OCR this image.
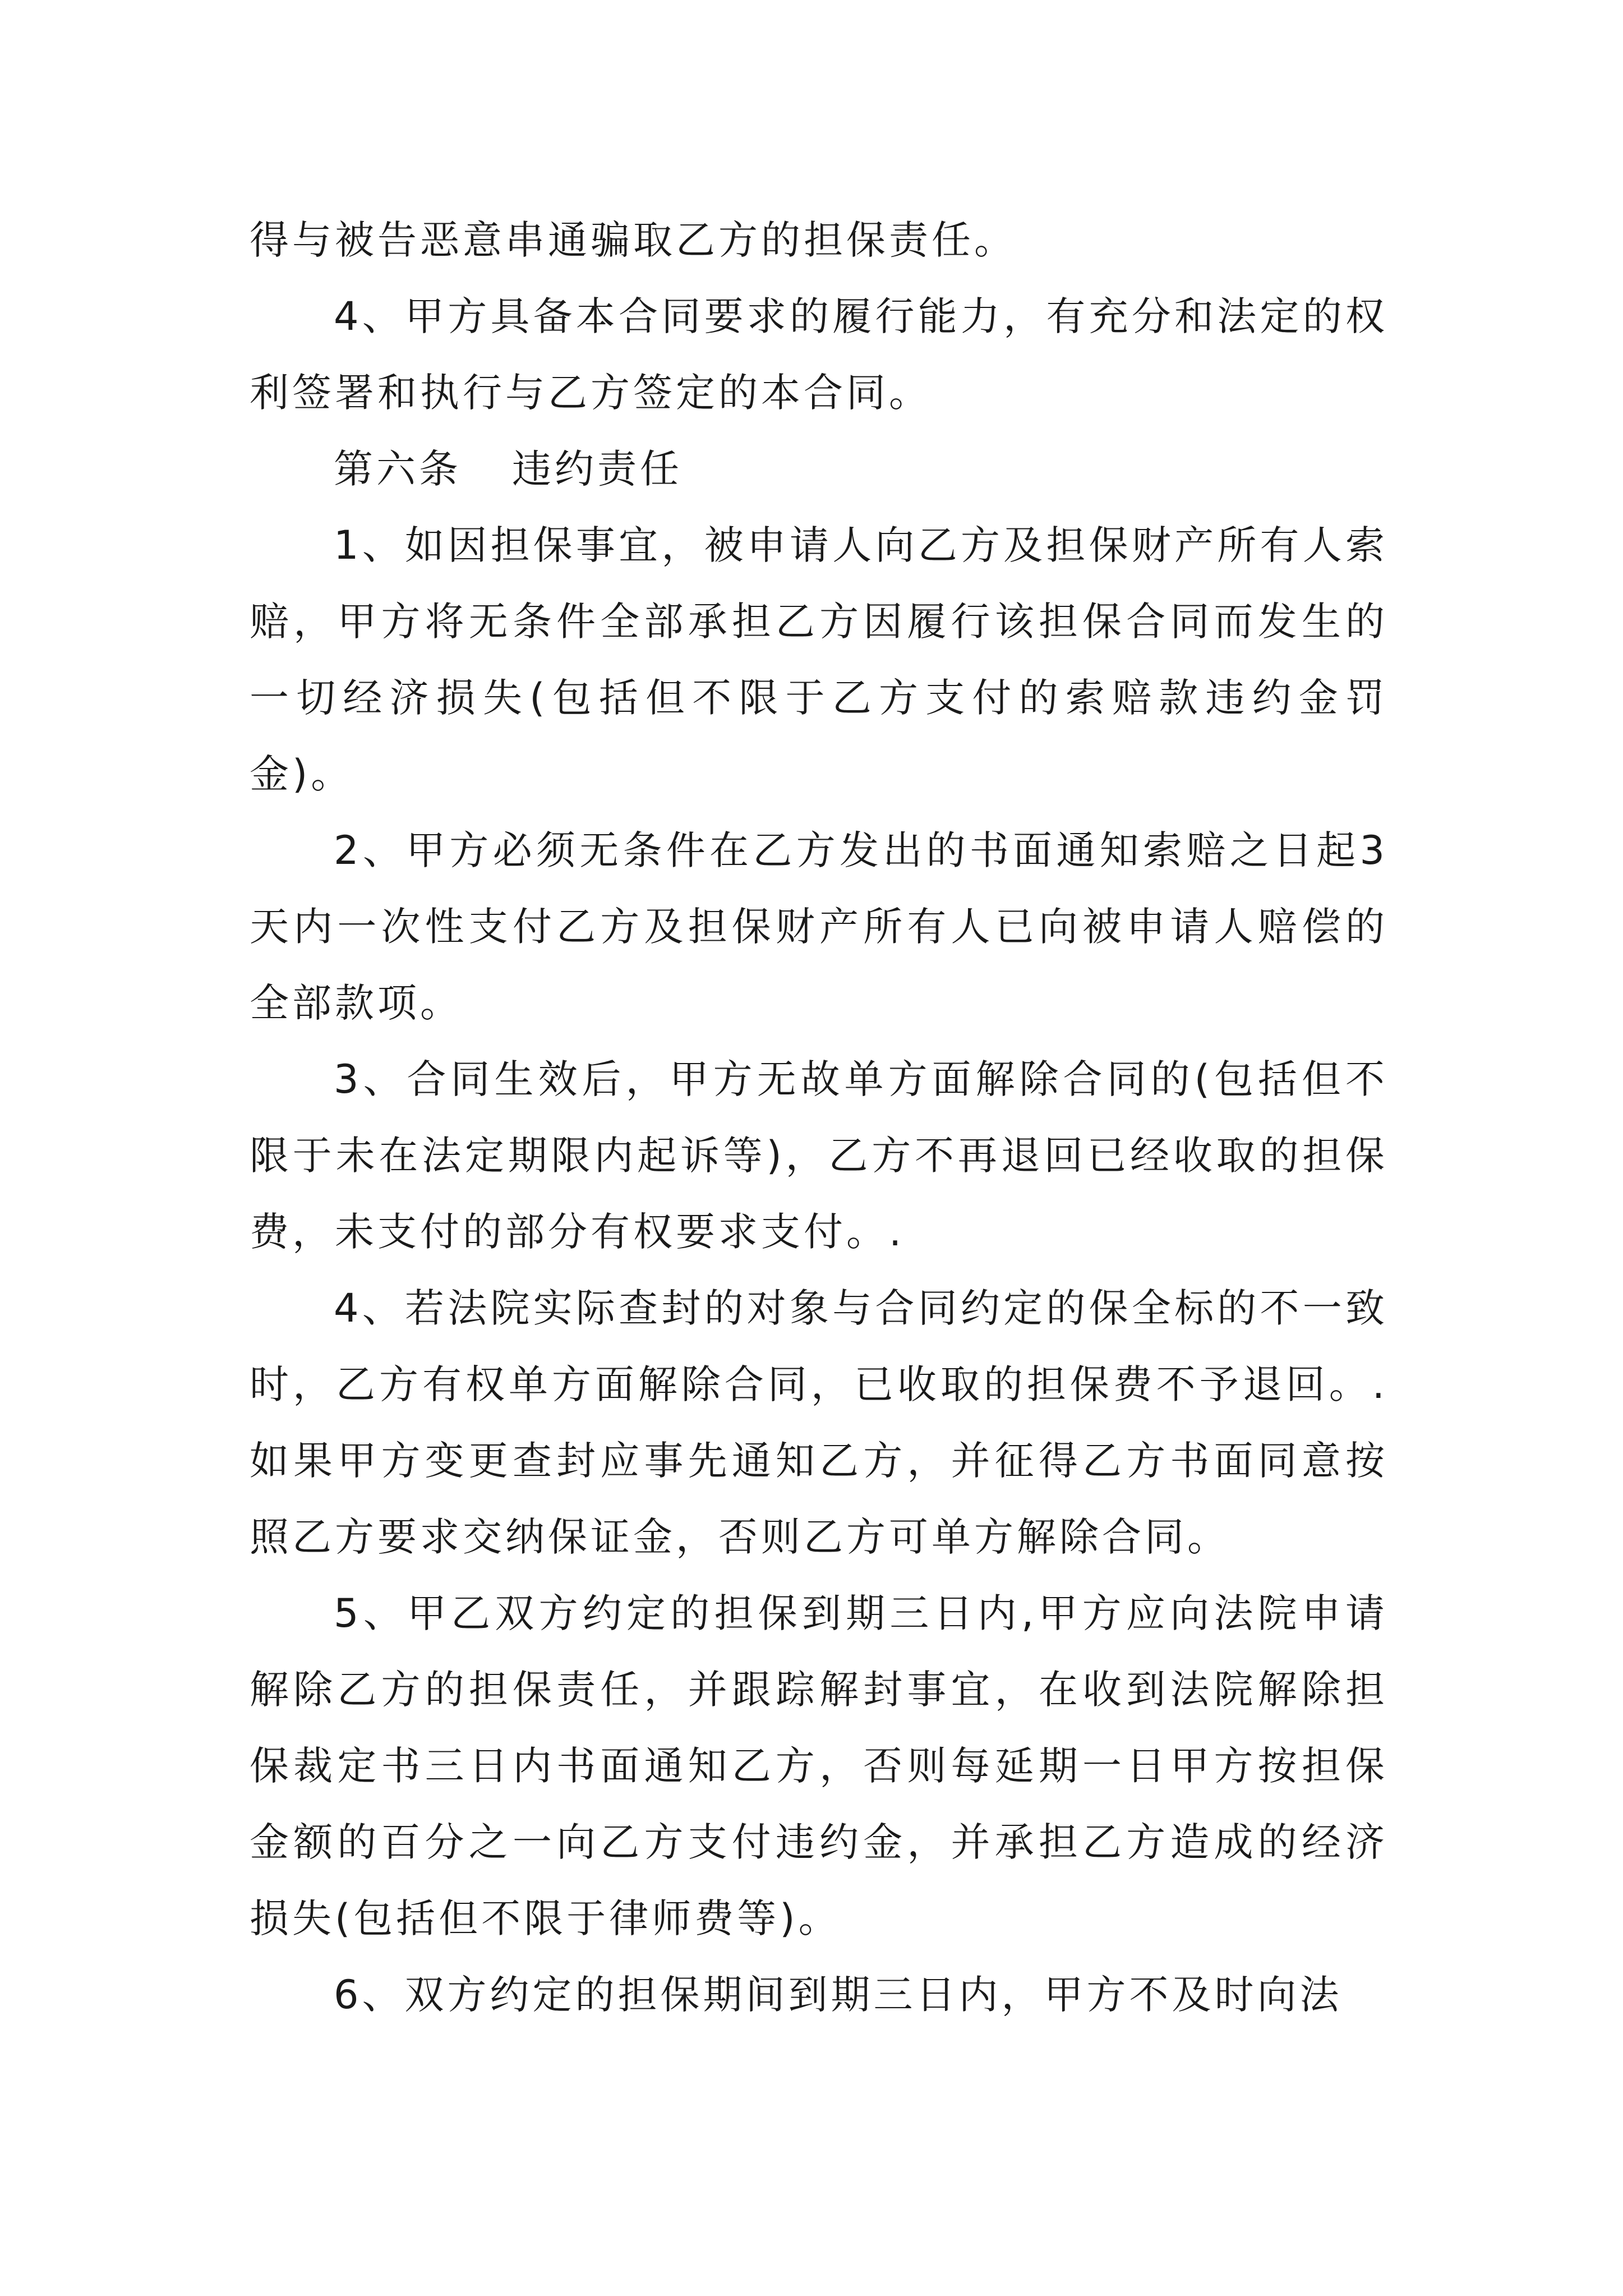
得与被告恶意串通骗取乙方的担保责任。

4、甲方具备本合同要求的履行能力，有充分和法定的权利签署和执行与乙方签定的本合同。

第六条 违约责任

1、如因担保事宜，被申请人向乙方及担保财产所有人索赔，甲方将无条件全部承担乙方因履行该担保合同而发生的一切经济损失(包括但不限于乙方支付的索赔款违约金罚金)。

2、甲方必须无条件在乙方发出的书面通知索赔之日起3天内一次性支付乙方及担保财产所有人已向被申请人赔偿的全部款项。

3、合同生效后，甲方无故单方面解除合同的(包括但不限于未在法定期限内起诉等)，乙方不再退回已经收取的担保费，未支付的部分有权要求支付。.

4、若法院实际查封的对象与合同约定的保全标的不一致时，乙方有权单方面解除合同，已收取的担保费不予退回。.如果甲方变更查封应事先通知乙方，并征得乙方书面同意按照乙方要求交纳保证金，否则乙方可单方解除合同。

5、甲乙双方约定的担保到期三日内,甲方应向法院申请解除乙方的担保责任，并跟踪解封事宜，在收到法院解除担保裁定书三日内书面通知乙方，否则每延期一日甲方按担保金额的百分之一向乙方支付违约金，并承担乙方造成的经济损失(包括但不限于律师费等)。

6、双方约定的担保期间到期三日内，甲方不及时向法
